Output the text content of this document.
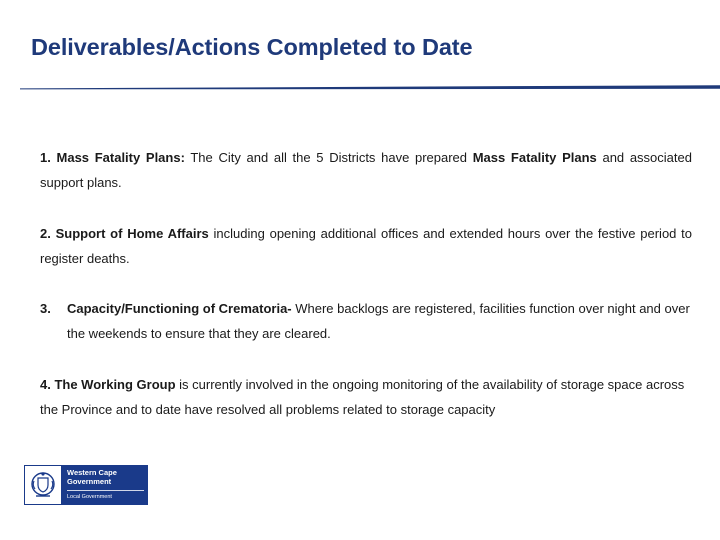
Deliverables/Actions Completed to Date

1. Mass Fatality Plans: The City and all the 5 Districts have prepared Mass Fatality Plans and associated support plans.

2. Support of Home Affairs including opening additional offices and extended hours over the festive period to register deaths.

3. Capacity/Functioning of Crematoria- Where backlogs are registered, facilities function over night and over the weekends to ensure that they are cleared.

4. The Working Group is currently involved in the ongoing monitoring of the availability of storage space across the Province and to date have resolved all problems related to storage capacity

Western Cape
Government
Local Government
